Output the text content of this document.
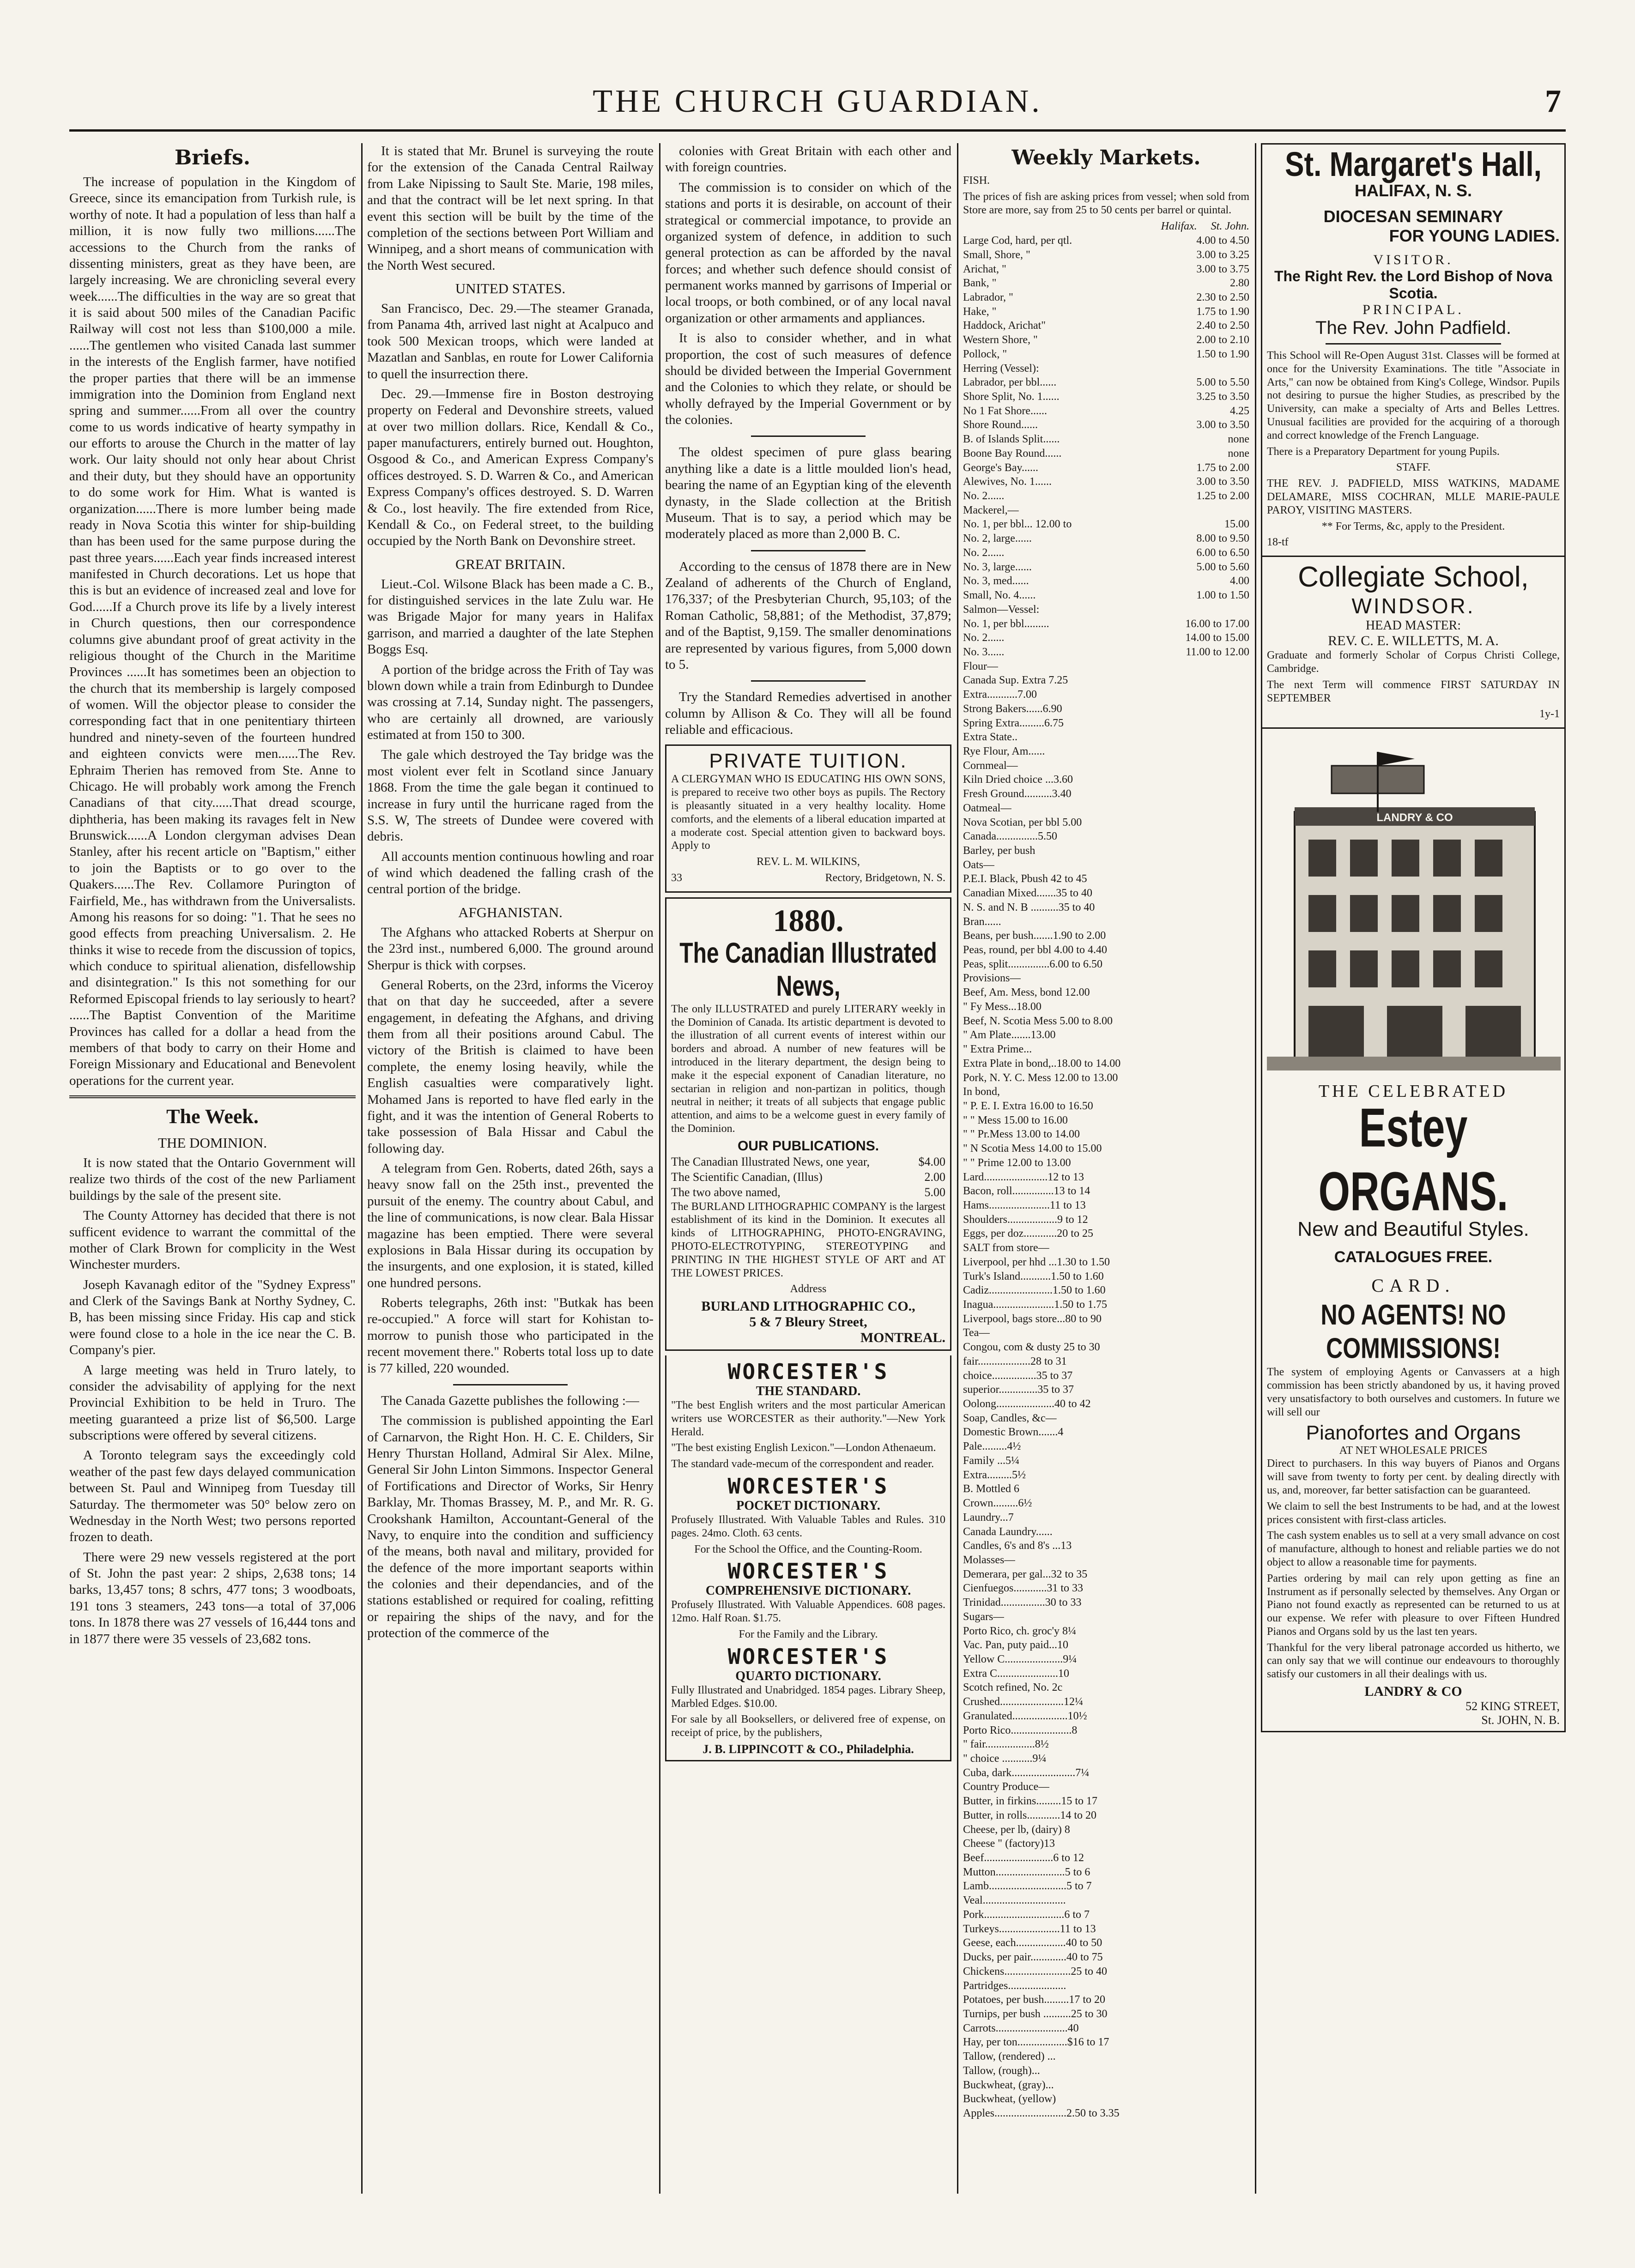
THE CHURCH GUARDIAN.	7
Briefs.

The increase of population in the Kingdom of Greece, since its emancipation from Turkish rule, is worthy of note. It had a population of less than half a million, it is now fully two millions......The accessions to the Church from the ranks of dissenting ministers, great as they have been, are largely increasing. We are chronicling several every week......The difficulties in the way are so great that it is said about 500 miles of the Canadian Pacific Railway will cost not less than $100,000 a mile. ......The gentlemen who visited Canada last summer in the interests of the English farmer, have notified the proper parties that there will be an immense immigration into the Dominion from England next spring and summer......From all over the country come to us words indicative of hearty sympathy in our efforts to arouse the Church in the matter of lay work. Our laity should not only hear about Christ and their duty, but they should have an opportunity to do some work for Him. What is wanted is organization......There is more lumber being made ready in Nova Scotia this winter for ship-building than has been used for the same purpose during the past three years......Each year finds increased interest manifested in Church decorations. Let us hope that this is but an evidence of increased zeal and love for God......If a Church prove its life by a lively interest in Church questions, then our correspondence columns give abundant proof of great activity in the religious thought of the Church in the Maritime Provinces ......It has sometimes been an objection to the church that its membership is largely composed of women. Will the objector please to consider the corresponding fact that in one penitentiary thirteen hundred and ninety-seven of the fourteen hundred and eighteen convicts were men......The Rev. Ephraim Therien has removed from Ste. Anne to Chicago. He will probably work among the French Canadians of that city......That dread scourge, diphtheria, has been making its ravages felt in New Brunswick......A London clergyman advises Dean Stanley, after his recent article on "Baptism," either to join the Baptists or to go over to the Quakers......The Rev. Collamore Purington of Fairfield, Me., has withdrawn from the Universalists. Among his reasons for so doing: "1. That he sees no good effects from preaching Universalism. 2. He thinks it wise to recede from the discussion of topics, which conduce to spiritual alienation, disfellowship and disintegration." Is this not something for our Reformed Episcopal friends to lay seriously to heart? ......The Baptist Convention of the Maritime Provinces has called for a dollar a head from the members of that body to carry on their Home and Foreign Missionary and Educational and Benevolent operations for the current year.

The Week.
THE DOMINION.

It is now stated that the Ontario Government will realize two thirds of the cost of the new Parliament buildings by the sale of the present site.

The County Attorney has decided that there is not sufficent evidence to warrant the committal of the mother of Clark Brown for complicity in the West Winchester murders.

Joseph Kavanagh editor of the "Sydney Express" and Clerk of the Savings Bank at Northy Sydney, C. B, has been missing since Friday. His cap and stick were found close to a hole in the ice near the C. B. Company's pier.

A large meeting was held in Truro lately, to consider the advisability of applying for the next Provincial Exhibition to be held in Truro. The meeting guaranteed a prize list of $6,500. Large subscriptions were offered by several citizens.

A Toronto telegram says the exceedingly cold weather of the past few days delayed communication between St. Paul and Winnipeg from Tuesday till Saturday. The thermometer was 50° below zero on Wednesday in the North West; two persons reported frozen to death.

There were 29 new vessels registered at the port of St. John the past year: 2 ships, 2,638 tons; 14 barks, 13,457 tons; 8 schrs, 477 tons; 3 woodboats, 191 tons 3 steamers, 243 tons—a total of 37,006 tons. In 1878 there was 27 vessels of 16,444 tons and in 1877 there were 35 vessels of 23,682 tons.

It is stated that Mr. Brunel is surveying the route for the extension of the Canada Central Railway from Lake Nipissing to Sault Ste. Marie, 198 miles, and that the contract will be let next spring. In that event this section will be built by the time of the completion of the sections between Port William and Winnipeg, and a short means of communication with the North West secured.

UNITED STATES.

San Francisco, Dec. 29.—The steamer Granada, from Panama 4th, arrived last night at Acalpuco and took 500 Mexican troops, which were landed at Mazatlan and Sanblas, en route for Lower California to quell the insurrection there.

Dec. 29.—Immense fire in Boston destroying property on Federal and Devonshire streets, valued at over two million dollars. Rice, Kendall & Co., paper manufacturers, entirely burned out. Houghton, Osgood & Co., and American Express Company's offices destroyed. S. D. Warren & Co., and American Express Company's offices destroyed. S. D. Warren & Co., lost heavily. The fire extended from Rice, Kendall & Co., on Federal street, to the building occupied by the North Bank on Devonshire street.

GREAT BRITAIN.

Lieut.-Col. Wilsone Black has been made a C. B., for distinguished services in the late Zulu war. He was Brigade Major for many years in Halifax garrison, and married a daughter of the late Stephen Boggs Esq.

A portion of the bridge across the Frith of Tay was blown down while a train from Edinburgh to Dundee was crossing at 7.14, Sunday night. The passengers, who are certainly all drowned, are variously estimated at from 150 to 300.

The gale which destroyed the Tay bridge was the most violent ever felt in Scotland since January 1868. From the time the gale began it continued to increase in fury until the hurricane raged from the S.S. W, The streets of Dundee were covered with debris.

All accounts mention continuous howling and roar of wind which deadened the falling crash of the central portion of the bridge.

AFGHANISTAN.

The Afghans who attacked Roberts at Sherpur on the 23rd inst., numbered 6,000. The ground around Sherpur is thick with corpses.

General Roberts, on the 23rd, informs the Viceroy that on that day he succeeded, after a severe engagement, in defeating the Afghans, and driving them from all their positions around Cabul. The victory of the British is claimed to have been complete, the enemy losing heavily, while the English casualties were comparatively light. Mohamed Jans is reported to have fled early in the fight, and it was the intention of General Roberts to take possession of Bala Hissar and Cabul the following day.

A telegram from Gen. Roberts, dated 26th, says a heavy snow fall on the 25th inst., prevented the pursuit of the enemy. The country about Cabul, and the line of communications, is now clear. Bala Hissar magazine has been emptied. There were several explosions in Bala Hissar during its occupation by the insurgents, and one explosion, it is stated, killed one hundred persons.

Roberts telegraphs, 26th inst: "Butkak has been re-occupied." A force will start for Kohistan to-morrow to punish those who participated in the recent movement there." Roberts total loss up to date is 77 killed, 220 wounded.

The Canada Gazette publishes the following :—

The commission is published appointing the Earl of Carnarvon, the Right Hon. H. C. E. Childers, Sir Henry Thurstan Holland, Admiral Sir Alex. Milne, General Sir John Linton Simmons. Inspector General of Fortifications and Director of Works, Sir Henry Barklay, Mr. Thomas Brassey, M. P., and Mr. R. G. Crookshank Hamilton, Accountant-General of the Navy, to enquire into the condition and sufficiency of the means, both naval and military, provided for the defence of the more important seaports within the colonies and their dependancies, and of the stations established or required for coaling, refitting or repairing the ships of the navy, and for the protection of the commerce of the

colonies with Great Britain with each other and with foreign countries.

The commission is to consider on which of the stations and ports it is desirable, on account of their strategical or commercial impotance, to provide an organized system of defence, in addition to such general protection as can be afforded by the naval forces; and whether such defence should consist of permanent works manned by garrisons of Imperial or local troops, or both combined, or of any local naval organization or other armaments and appliances.

It is also to consider whether, and in what proportion, the cost of such measures of defence should be divided between the Imperial Government and the Colonies to which they relate, or should be wholly defrayed by the Imperial Government or by the colonies.

The oldest specimen of pure glass bearing anything like a date is a little moulded lion's head, bearing the name of an Egyptian king of the eleventh dynasty, in the Slade collection at the British Museum. That is to say, a period which may be moderately placed as more than 2,000 B. C.

According to the census of 1878 there are in New Zealand of adherents of the Church of England, 176,337; of the Presbyterian Church, 95,103; of the Roman Catholic, 58,881; of the Methodist, 37,879; and of the Baptist, 9,159. The smaller denominations are represented by various figures, from 5,000 down to 5.

Try the Standard Remedies advertised in another column by Allison & Co. They will all be found reliable and efficacious.

PRIVATE TUITION.

A CLERGYMAN WHO IS EDUCATING HIS OWN SONS, is prepared to receive two other boys as pupils. The Rectory is pleasantly situated in a very healthy locality. Home comforts, and the elements of a liberal education imparted at a moderate cost. Special attention given to backward boys. Apply to

REV. L. M. WILKINS,
33	Rectory, Bridgetown, N. S.
1880.
The Canadian Illustrated News,

The only ILLUSTRATED and purely LITERARY weekly in the Dominion of Canada. Its artistic department is devoted to the illustration of all current events of interest within our borders and abroad. A number of new features will be introduced in the literary department, the design being to make it the especial exponent of Canadian literature, no sectarian in religion and non-partizan in politics, though neutral in neither; it treats of all subjects that engage public attention, and aims to be a welcome guest in every family of the Dominion.

OUR PUBLICATIONS.
The Canadian Illustrated News, one year,	$4.00
The Scientific Canadian, (Illus)	2.00
The two above named,	5.00

The BURLAND LITHOGRAPHIC COMPANY is the largest establishment of its kind in the Dominion. It executes all kinds of LITHOGRAPHING, PHOTO-ENGRAVING, PHOTO-ELECTROTYPING, STEREOTYPING and PRINTING IN THE HIGHEST STYLE OF ART and AT THE LOWEST PRICES.

Address
BURLAND LITHOGRAPHIC CO.,
5 & 7 Bleury Street,
MONTREAL.
WORCESTER'S
THE STANDARD.

"The best English writers and the most particular American writers use WORCESTER as their authority."—New York Herald.

"The best existing English Lexicon."—London Athenaeum.

The standard vade-mecum of the correspondent and reader.

WORCESTER'S
POCKET DICTIONARY.

Profusely Illustrated. With Valuable Tables and Rules. 310 pages. 24mo. Cloth. 63 cents.

For the School the Office, and the Counting-Room.

WORCESTER'S
COMPREHENSIVE DICTIONARY.

Profusely Illustrated. With Valuable Appendices. 608 pages. 12mo. Half Roan. $1.75.

For the Family and the Library.

WORCESTER'S
QUARTO DICTIONARY.

Fully Illustrated and Unabridged. 1854 pages. Library Sheep, Marbled Edges. $10.00.

For sale by all Booksellers, or delivered free of expense, on receipt of price, by the publishers,

J. B. LIPPINCOTT & CO., Philadelphia.
Weekly Markets.
FISH.

The prices of fish are asking prices from vessel; when sold from Store are more, say from 25 to 50 cents per barrel or quintal.

Halifax. St. John.
Large Cod, hard, per qtl.	4.00 to 4.50
Small, Shore, "	3.00 to 3.25
Arichat, "	3.00 to 3.75
Bank, "	2.80
Labrador, "	2.30 to 2.50
Hake, "	1.75 to 1.90
Haddock, Arichat"	2.40 to 2.50
Western Shore, "	2.00 to 2.10
Pollock, "	1.50 to 1.90
Herring (Vessel):
Labrador, per bbl......	5.00 to 5.50
Shore Split, No. 1......	3.25 to 3.50
No 1 Fat Shore......	4.25
Shore Round......	3.00 to 3.50
B. of Islands Split......	none
Boone Bay Round......	none
George's Bay......	1.75 to 2.00
Alewives, No. 1......	3.00 to 3.50
No. 2......	1.25 to 2.00
Mackerel,—
No. 1, per bbl... 12.00 to	15.00
No. 2, large......	8.00 to 9.50
No. 2......	6.00 to 6.50
No. 3, large......	5.00 to 5.60
No. 3, med......	4.00
Small, No. 4......	1.00 to 1.50
Salmon—Vessel:
No. 1, per bbl.........	16.00 to 17.00
No. 2......	14.00 to 15.00
No. 3......	11.00 to 12.00
Flour—
Canada Sup. Extra 7.25
Extra...........7.00
Strong Bakers......6.90
Spring Extra.........6.75
Extra State..
Rye Flour, Am......
Cornmeal—
Kiln Dried choice ...3.60
Fresh Ground..........3.40
Oatmeal—
Nova Scotian, per bbl 5.00
Canada...............5.50
Barley, per bush
Oats—
P.E.I. Black, Pbush 42 to 45
Canadian Mixed.......35 to 40
N. S. and N. B ..........35 to 40
Bran......
Beans, per bush.......1.90 to 2.00
Peas, round, per bbl 4.00 to 4.40
Peas, split...............6.00 to 6.50
Provisions—
Beef, Am. Mess, bond 12.00
" Fy Mess...18.00
Beef, N. Scotia Mess 5.00 to 8.00
" Am Plate.......13.00
" Extra Prime...
Extra Plate in bond,..18.00 to 14.00
Pork, N. Y. C. Mess 12.00 to 13.00
In bond,
" P. E. I. Extra 16.00 to 16.50
" " Mess 15.00 to 16.00
" " Pr.Mess 13.00 to 14.00
" N Scotia Mess 14.00 to 15.00
" " Prime 12.00 to 13.00
Lard.......................12 to 13
Bacon, roll...............13 to 14
Hams......................11 to 13
Shoulders..................9 to 12
Eggs, per doz............20 to 25
SALT from store—
Liverpool, per hhd ...1.30 to 1.50
Turk's Island...........1.50 to 1.60
Cadiz.......................1.50 to 1.60
Inagua......................1.50 to 1.75
Liverpool, bags store...80 to 90
Tea—
Congou, com & dusty 25 to 30
fair...................28 to 31
choice................35 to 37
superior..............35 to 37
Oolong.....................40 to 42
Soap, Candles, &c—
Domestic Brown.......4
Pale.........4½
Family ...5¼
Extra.........5½
B. Mottled 6
Crown.........6½
Laundry...7
Canada Laundry......
Candles, 6's and 8's ...13
Molasses—
Demerara, per gal...32 to 35
Cienfuegos............31 to 33
Trinidad................30 to 33
Sugars—
Porto Rico, ch. groc'y 8¼
Vac. Pan, puty paid...10
Yellow C.....................9¼
Extra C......................10
Scotch refined, No. 2c
Crushed.......................12¼
Granulated....................10½
Porto Rico......................8
" fair..................8½
" choice ...........9¼
Cuba, dark.......................7¼
Country Produce—
Butter, in firkins.........15 to 17
Butter, in rolls............14 to 20
Cheese, per lb, (dairy) 8
Cheese " (factory)13
Beef.........................6 to 12
Mutton.........................5 to 6
Lamb............................5 to 7
Veal..............................
Pork.............................6 to 7
Turkeys......................11 to 13
Geese, each..................40 to 50
Ducks, per pair.............40 to 75
Chickens........................25 to 40
Partridges.....................
Potatoes, per bush.........17 to 20
Turnips, per bush ..........25 to 30
Carrots..........................40
Hay, per ton..................$16 to 17
Tallow, (rendered) ...
Tallow, (rough)...
Buckwheat, (gray)...
Buckwheat, (yellow)
Apples..........................2.50 to 3.35
St. Margaret's Hall,
HALIFAX, N. S.
DIOCESAN SEMINARY
FOR YOUNG LADIES.
VISITOR.
The Right Rev. the Lord Bishop of Nova Scotia.
PRINCIPAL.
The Rev. John Padfield.

This School will Re-Open August 31st. Classes will be formed at once for the University Examinations. The title "Associate in Arts," can now be obtained from King's College, Windsor. Pupils not desiring to pursue the higher Studies, as prescribed by the University, can make a specialty of Arts and Belles Lettres. Unusual facilities are provided for the acquiring of a thorough and correct knowledge of the French Language.

There is a Preparatory Department for young Pupils.

STAFF.

THE REV. J. PADFIELD, MISS WATKINS, MADAME DELAMARE, MISS COCHRAN, MLLE MARIE-PAULE PAROY, VISITING MASTERS.

** For Terms, &c, apply to the President.

18-tf
Collegiate School,
WINDSOR.
HEAD MASTER:
REV. C. E. WILLETTS, M. A.

Graduate and formerly Scholar of Corpus Christi College, Cambridge.

The next Term will commence FIRST SATURDAY IN SEPTEMBER

1y-1
LANDRY & CO
THE CELEBRATED
Estey ORGANS.
New and Beautiful Styles.
CATALOGUES FREE.
CARD.
NO AGENTS! NO COMMISSIONS!

The system of employing Agents or Canvassers at a high commission has been strictly abandoned by us, it having proved very unsatisfactory to both ourselves and customers. In future we will sell our

Pianofortes and Organs
AT NET WHOLESALE PRICES

Direct to purchasers. In this way buyers of Pianos and Organs will save from twenty to forty per cent. by dealing directly with us, and, moreover, far better satisfaction can be guaranteed.

We claim to sell the best Instruments to be had, and at the lowest prices consistent with first-class articles.

The cash system enables us to sell at a very small advance on cost of manufacture, although to honest and reliable parties we do not object to allow a reasonable time for payments.

Parties ordering by mail can rely upon getting as fine an Instrument as if personally selected by themselves. Any Organ or Piano not found exactly as represented can be returned to us at our expense. We refer with pleasure to over Fifteen Hundred Pianos and Organs sold by us the last ten years.

Thankful for the very liberal patronage accorded us hitherto, we can only say that we will continue our endeavours to thoroughly satisfy our customers in all their dealings with us.

LANDRY & CO
52 KING STREET,
St. JOHN, N. B.
